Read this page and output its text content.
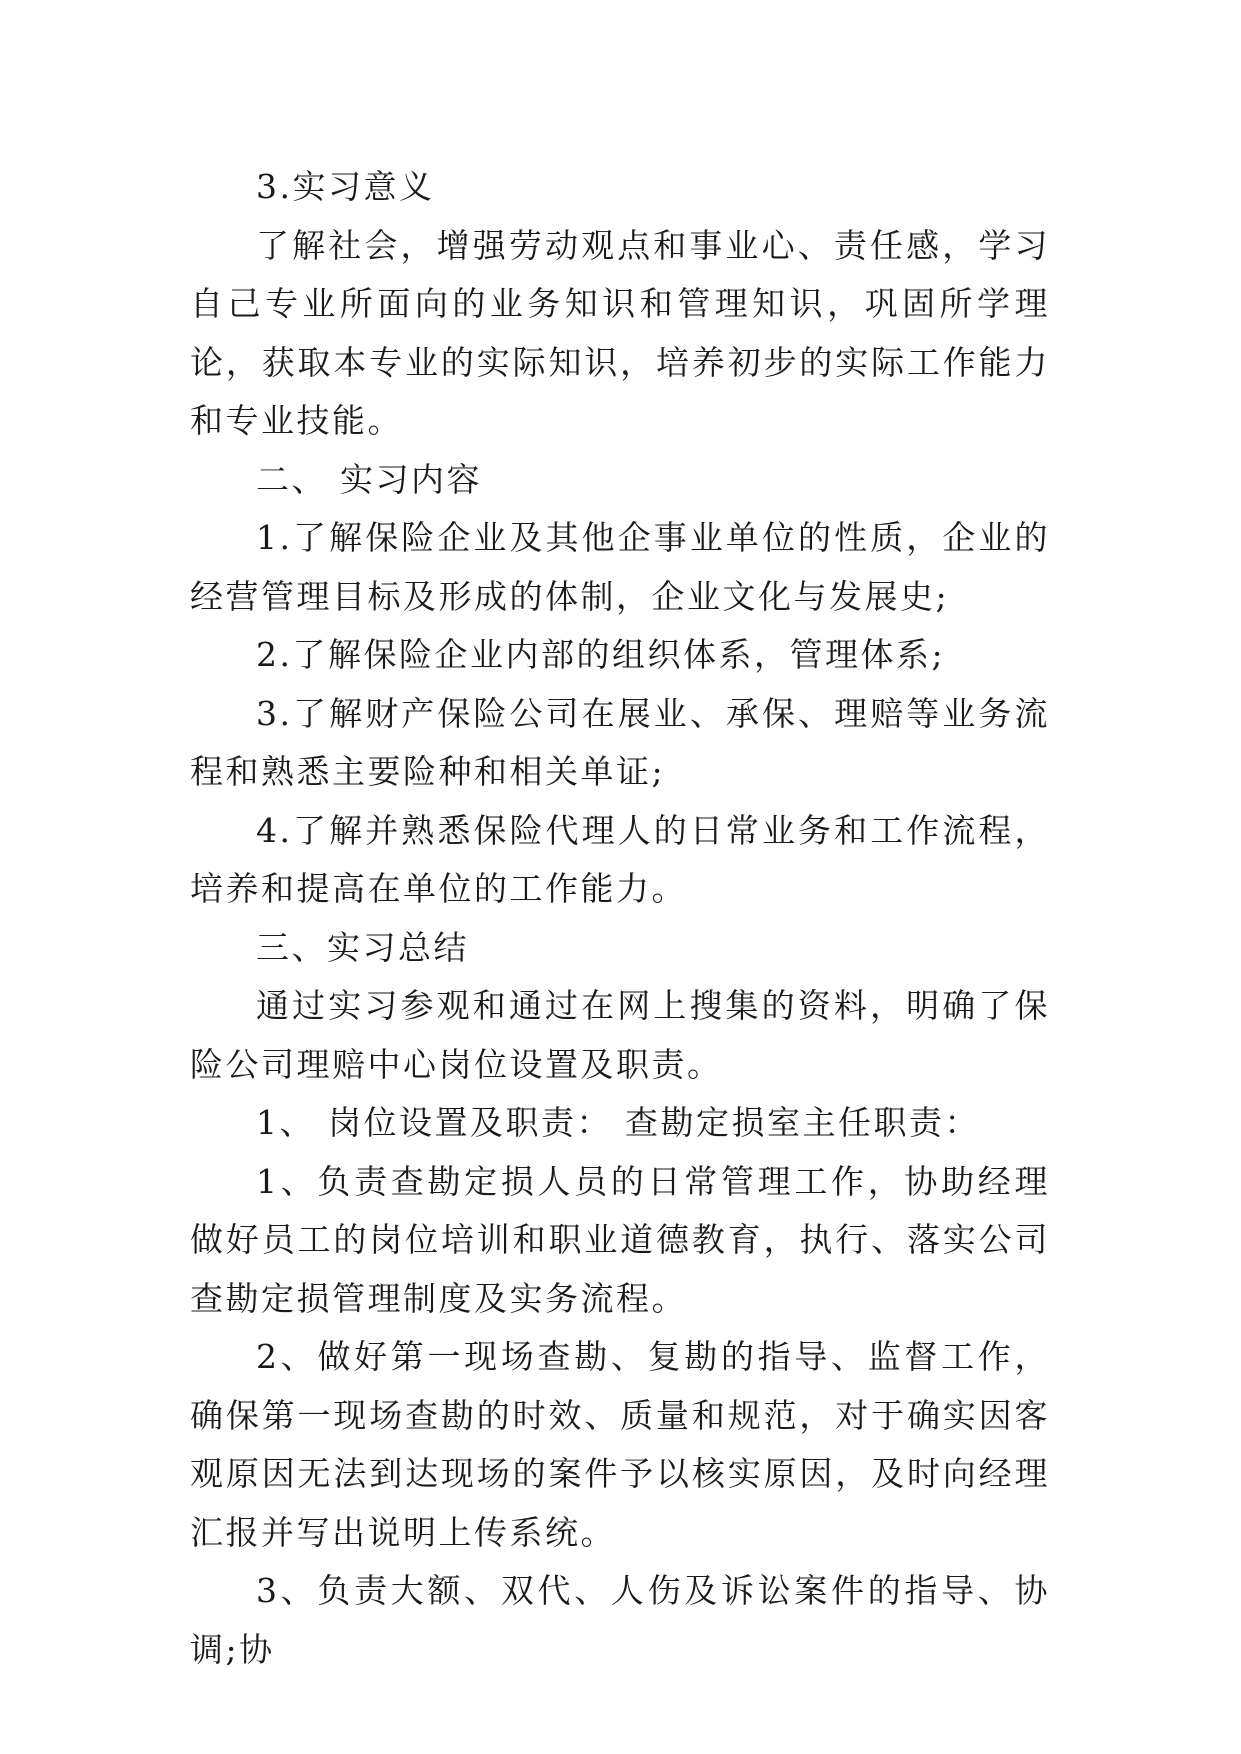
3.实习意义

了解社会，增强劳动观点和事业心、责任感，学习自己专业所面向的业务知识和管理知识，巩固所学理论，获取本专业的实际知识，培养初步的实际工作能力和专业技能。

二、 实习内容

1.了解保险企业及其他企事业单位的性质，企业的经营管理目标及形成的体制，企业文化与发展史;

2.了解保险企业内部的组织体系，管理体系;

3.了解财产保险公司在展业、承保、理赔等业务流程和熟悉主要险种和相关单证;

4.了解并熟悉保险代理人的日常业务和工作流程，培养和提高在单位的工作能力。

三、实习总结

通过实习参观和通过在网上搜集的资料，明确了保险公司理赔中心岗位设置及职责。

1、 岗位设置及职责： 查勘定损室主任职责：

1、负责查勘定损人员的日常管理工作，协助经理做好员工的岗位培训和职业道德教育，执行、落实公司查勘定损管理制度及实务流程。

2、做好第一现场查勘、复勘的指导、监督工作，确保第一现场查勘的时效、质量和规范，对于确实因客观原因无法到达现场的案件予以核实原因，及时向经理汇报并写出说明上传系统。

3、负责大额、双代、人伤及诉讼案件的指导、协调;协
